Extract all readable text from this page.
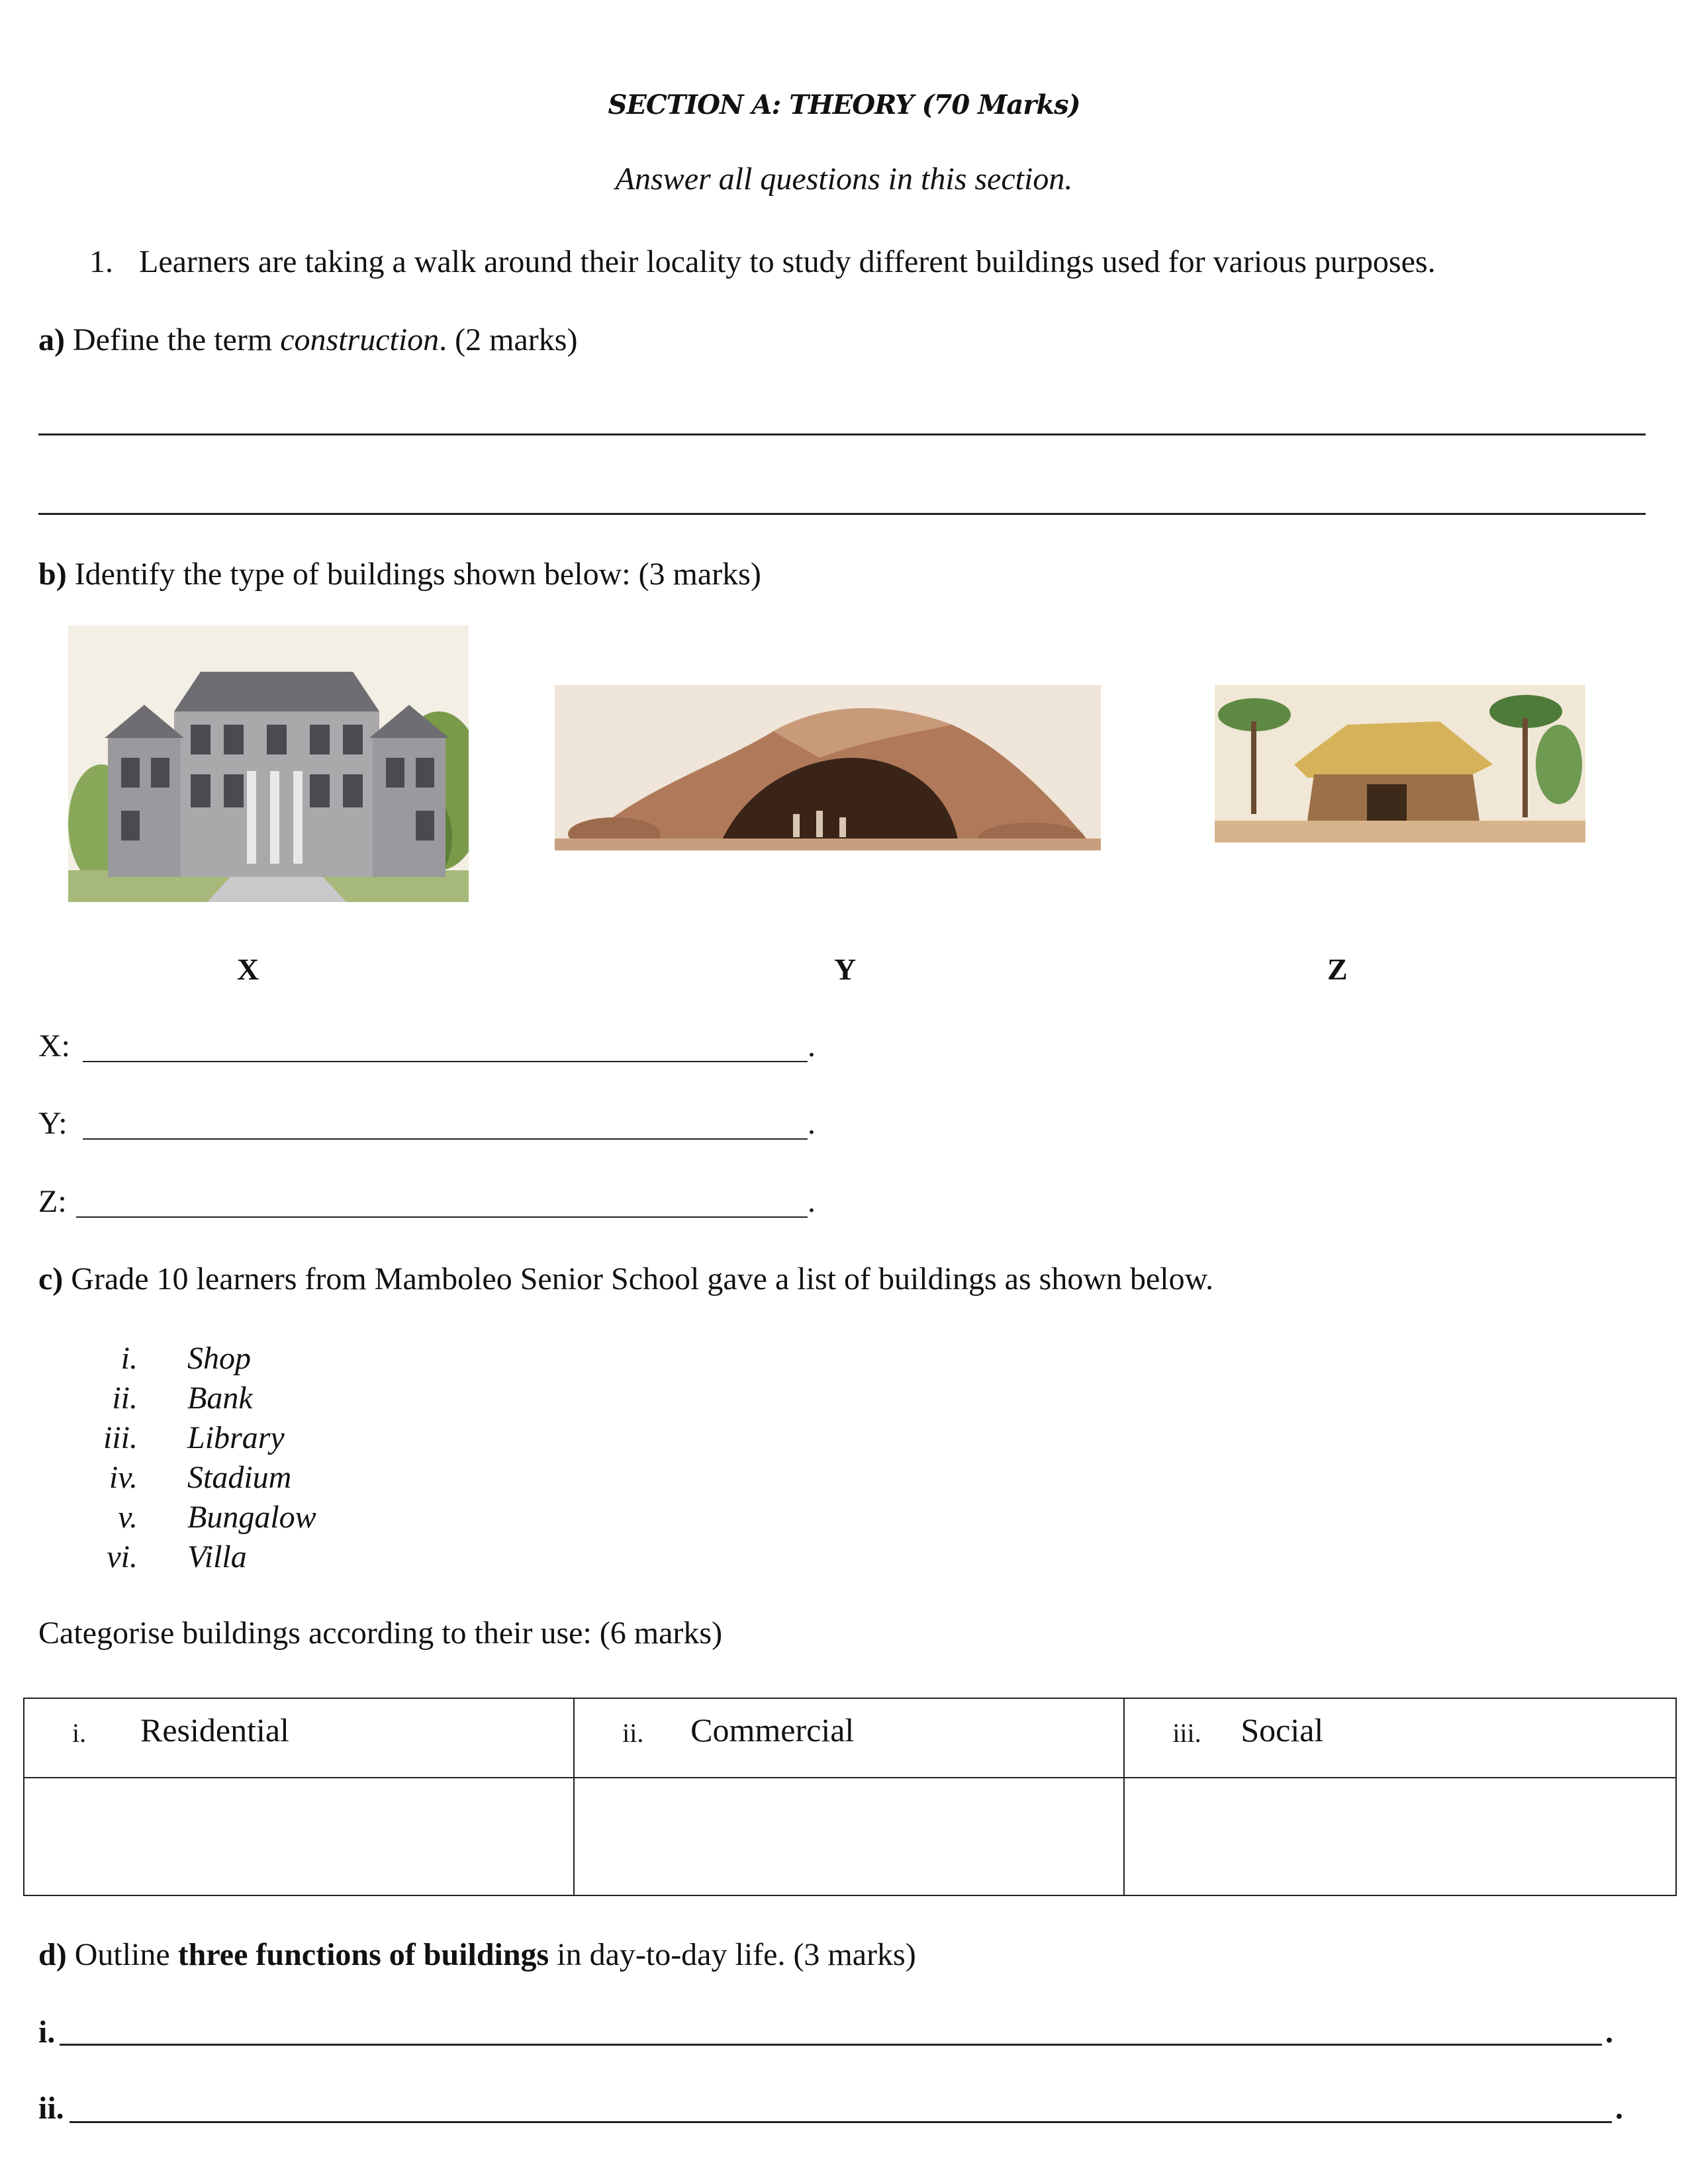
SECTION A: THEORY (70 Marks)
Answer all questions in this section.
1. Learners are taking a walk around their locality to study different buildings used for various purposes.
a) Define the term construction. (2 marks)
b) Identify the type of buildings shown below: (3 marks)
X	Y	Z
X:	.
Y:	.
Z:	.
c) Grade 10 learners from Mamboleo Senior School gave a list of buildings as shown below.
i. Shop
ii. Bank
iii. Library
iv. Stadium
v. Bungalow
vi. Villa
Categorise buildings according to their use: (6 marks)
i. Residential	ii. Commercial	iii. Social

d) Outline three functions of buildings in day-to-day life. (3 marks)
i.	.
ii.	.
